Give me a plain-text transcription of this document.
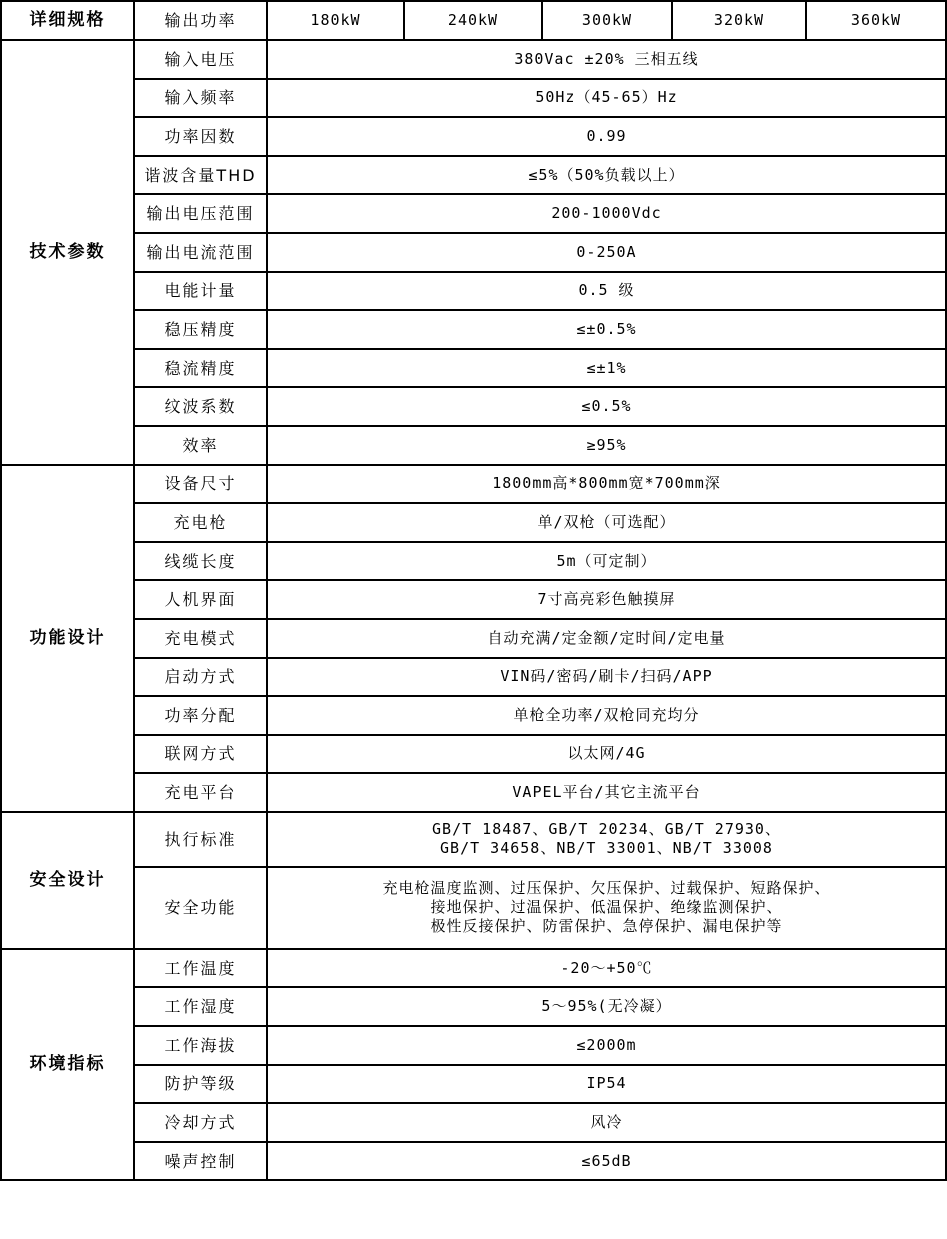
详细规格	输出功率	180kW	240kW	300kW	320kW	360kW
技术参数	输入电压	380Vac ±20% 三相五线				
	输入频率	50Hz（45-65）Hz				
	功率因数	0.99				
	谐波含量THD	≤5%（50%负载以上）				
	输出电压范围	200-1000Vdc				
	输出电流范围	0-250A				
	电能计量	0.5 级				
	稳压精度	≤±0.5%				
	稳流精度	≤±1%				
	纹波系数	≤0.5%				
	效率	≥95%				
功能设计	设备尺寸	1800mm高*800mm宽*700mm深				
	充电枪	单/双枪（可选配）				
	线缆长度	5m（可定制）				
	人机界面	7寸高亮彩色触摸屏				
	充电模式	自动充满/定金额/定时间/定电量				
	启动方式	VIN码/密码/刷卡/扫码/APP				
	功率分配	单枪全功率/双枪同充均分				
	联网方式	以太网/4G				
	充电平台	VAPEL平台/其它主流平台				
安全设计	执行标准	GB/T 18487、GB/T 20234、GB/T 27930、
GB/T 34658、NB/T 33001、NB/T 33008				

	安全功能	充电枪温度监测、过压保护、欠压保护、过载保护、短路保护、
接地保护、过温保护、低温保护、绝缘监测保护、
极性反接保护、防雷保护、急停保护、漏电保护等				

环境指标	工作温度	-20～+50℃				
	工作湿度	5～95%(无冷凝）				
	工作海拔	≤2000m				
	防护等级	IP54				
	冷却方式	风冷				
	噪声控制	≤65dB				
